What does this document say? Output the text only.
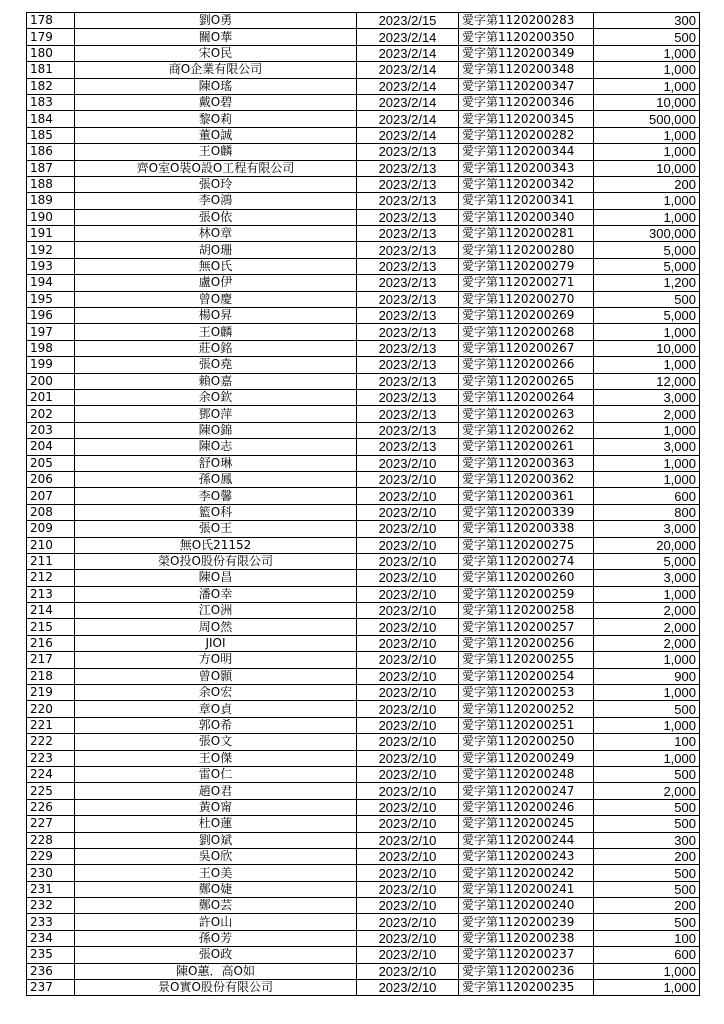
178	劉O勇	2023/2/15	愛字第1120200283	300
179	關O華	2023/2/14	愛字第1120200350	500
180	宋O民	2023/2/14	愛字第1120200349	1,000
181	商O企業有限公司	2023/2/14	愛字第1120200348	1,000
182	陳O瑤	2023/2/14	愛字第1120200347	1,000
183	戴O碧	2023/2/14	愛字第1120200346	10,000
184	黎O莉	2023/2/14	愛字第1120200345	500,000
185	董O誠	2023/2/14	愛字第1120200282	1,000
186	王O麟	2023/2/13	愛字第1120200344	1,000
187	齊O室O裝O設O工程有限公司	2023/2/13	愛字第1120200343	10,000
188	張O玲	2023/2/13	愛字第1120200342	200
189	李O鴻	2023/2/13	愛字第1120200341	1,000
190	張O依	2023/2/13	愛字第1120200340	1,000
191	林O章	2023/2/13	愛字第1120200281	300,000
192	胡O珊	2023/2/13	愛字第1120200280	5,000
193	無O氏	2023/2/13	愛字第1120200279	5,000
194	盧O伊	2023/2/13	愛字第1120200271	1,200
195	曾O慶	2023/2/13	愛字第1120200270	500
196	楊O昇	2023/2/13	愛字第1120200269	5,000
197	王O麟	2023/2/13	愛字第1120200268	1,000
198	莊O銘	2023/2/13	愛字第1120200267	10,000
199	張O堯	2023/2/13	愛字第1120200266	1,000
200	賴O嘉	2023/2/13	愛字第1120200265	12,000
201	余O欽	2023/2/13	愛字第1120200264	3,000
202	鄧O萍	2023/2/13	愛字第1120200263	2,000
203	陳O錦	2023/2/13	愛字第1120200262	1,000
204	陳O志	2023/2/13	愛字第1120200261	3,000
205	舒O琳	2023/2/10	愛字第1120200363	1,000
206	孫O鳳	2023/2/10	愛字第1120200362	1,000
207	李O馨	2023/2/10	愛字第1120200361	600
208	籃O科	2023/2/10	愛字第1120200339	800
209	張O王	2023/2/10	愛字第1120200338	3,000
210	無O氏21152	2023/2/10	愛字第1120200275	20,000
211	榮O投O股份有限公司	2023/2/10	愛字第1120200274	5,000
212	陳O昌	2023/2/10	愛字第1120200260	3,000
213	潘O幸	2023/2/10	愛字第1120200259	1,000
214	江O洲	2023/2/10	愛字第1120200258	2,000
215	周O然	2023/2/10	愛字第1120200257	2,000
216	JIOI	2023/2/10	愛字第1120200256	2,000
217	方O明	2023/2/10	愛字第1120200255	1,000
218	曾O顥	2023/2/10	愛字第1120200254	900
219	余O宏	2023/2/10	愛字第1120200253	1,000
220	章O貞	2023/2/10	愛字第1120200252	500
221	郭O希	2023/2/10	愛字第1120200251	1,000
222	張O文	2023/2/10	愛字第1120200250	100
223	王O傑	2023/2/10	愛字第1120200249	1,000
224	雷O仁	2023/2/10	愛字第1120200248	500
225	趙O君	2023/2/10	愛字第1120200247	2,000
226	黃O甯	2023/2/10	愛字第1120200246	500
227	杜O蓮	2023/2/10	愛字第1120200245	500
228	劉O斌	2023/2/10	愛字第1120200244	300
229	吳O欣	2023/2/10	愛字第1120200243	200
230	王O美	2023/2/10	愛字第1120200242	500
231	鄭O婕	2023/2/10	愛字第1120200241	500
232	鄭O芸	2023/2/10	愛字第1120200240	200
233	許O山	2023/2/10	愛字第1120200239	500
234	孫O芳	2023/2/10	愛字第1120200238	100
235	張O政	2023/2/10	愛字第1120200237	600
236	陳O蕙．高O如	2023/2/10	愛字第1120200236	1,000
237	景O實O股份有限公司	2023/2/10	愛字第1120200235	1,000
